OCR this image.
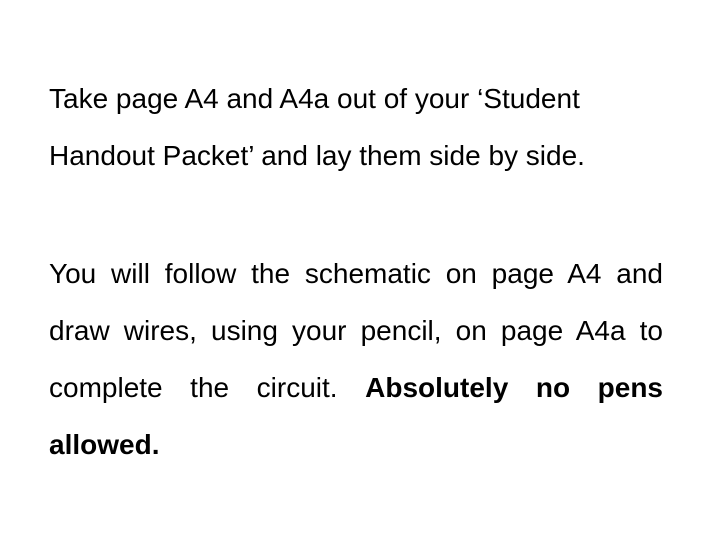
Take page A4 and A4a out of your ‘Student Handout Packet’ and lay them side by side.

You will follow the schematic on page A4 and draw wires, using your pencil, on page A4a to complete the circuit. Absolutely no pens allowed.
